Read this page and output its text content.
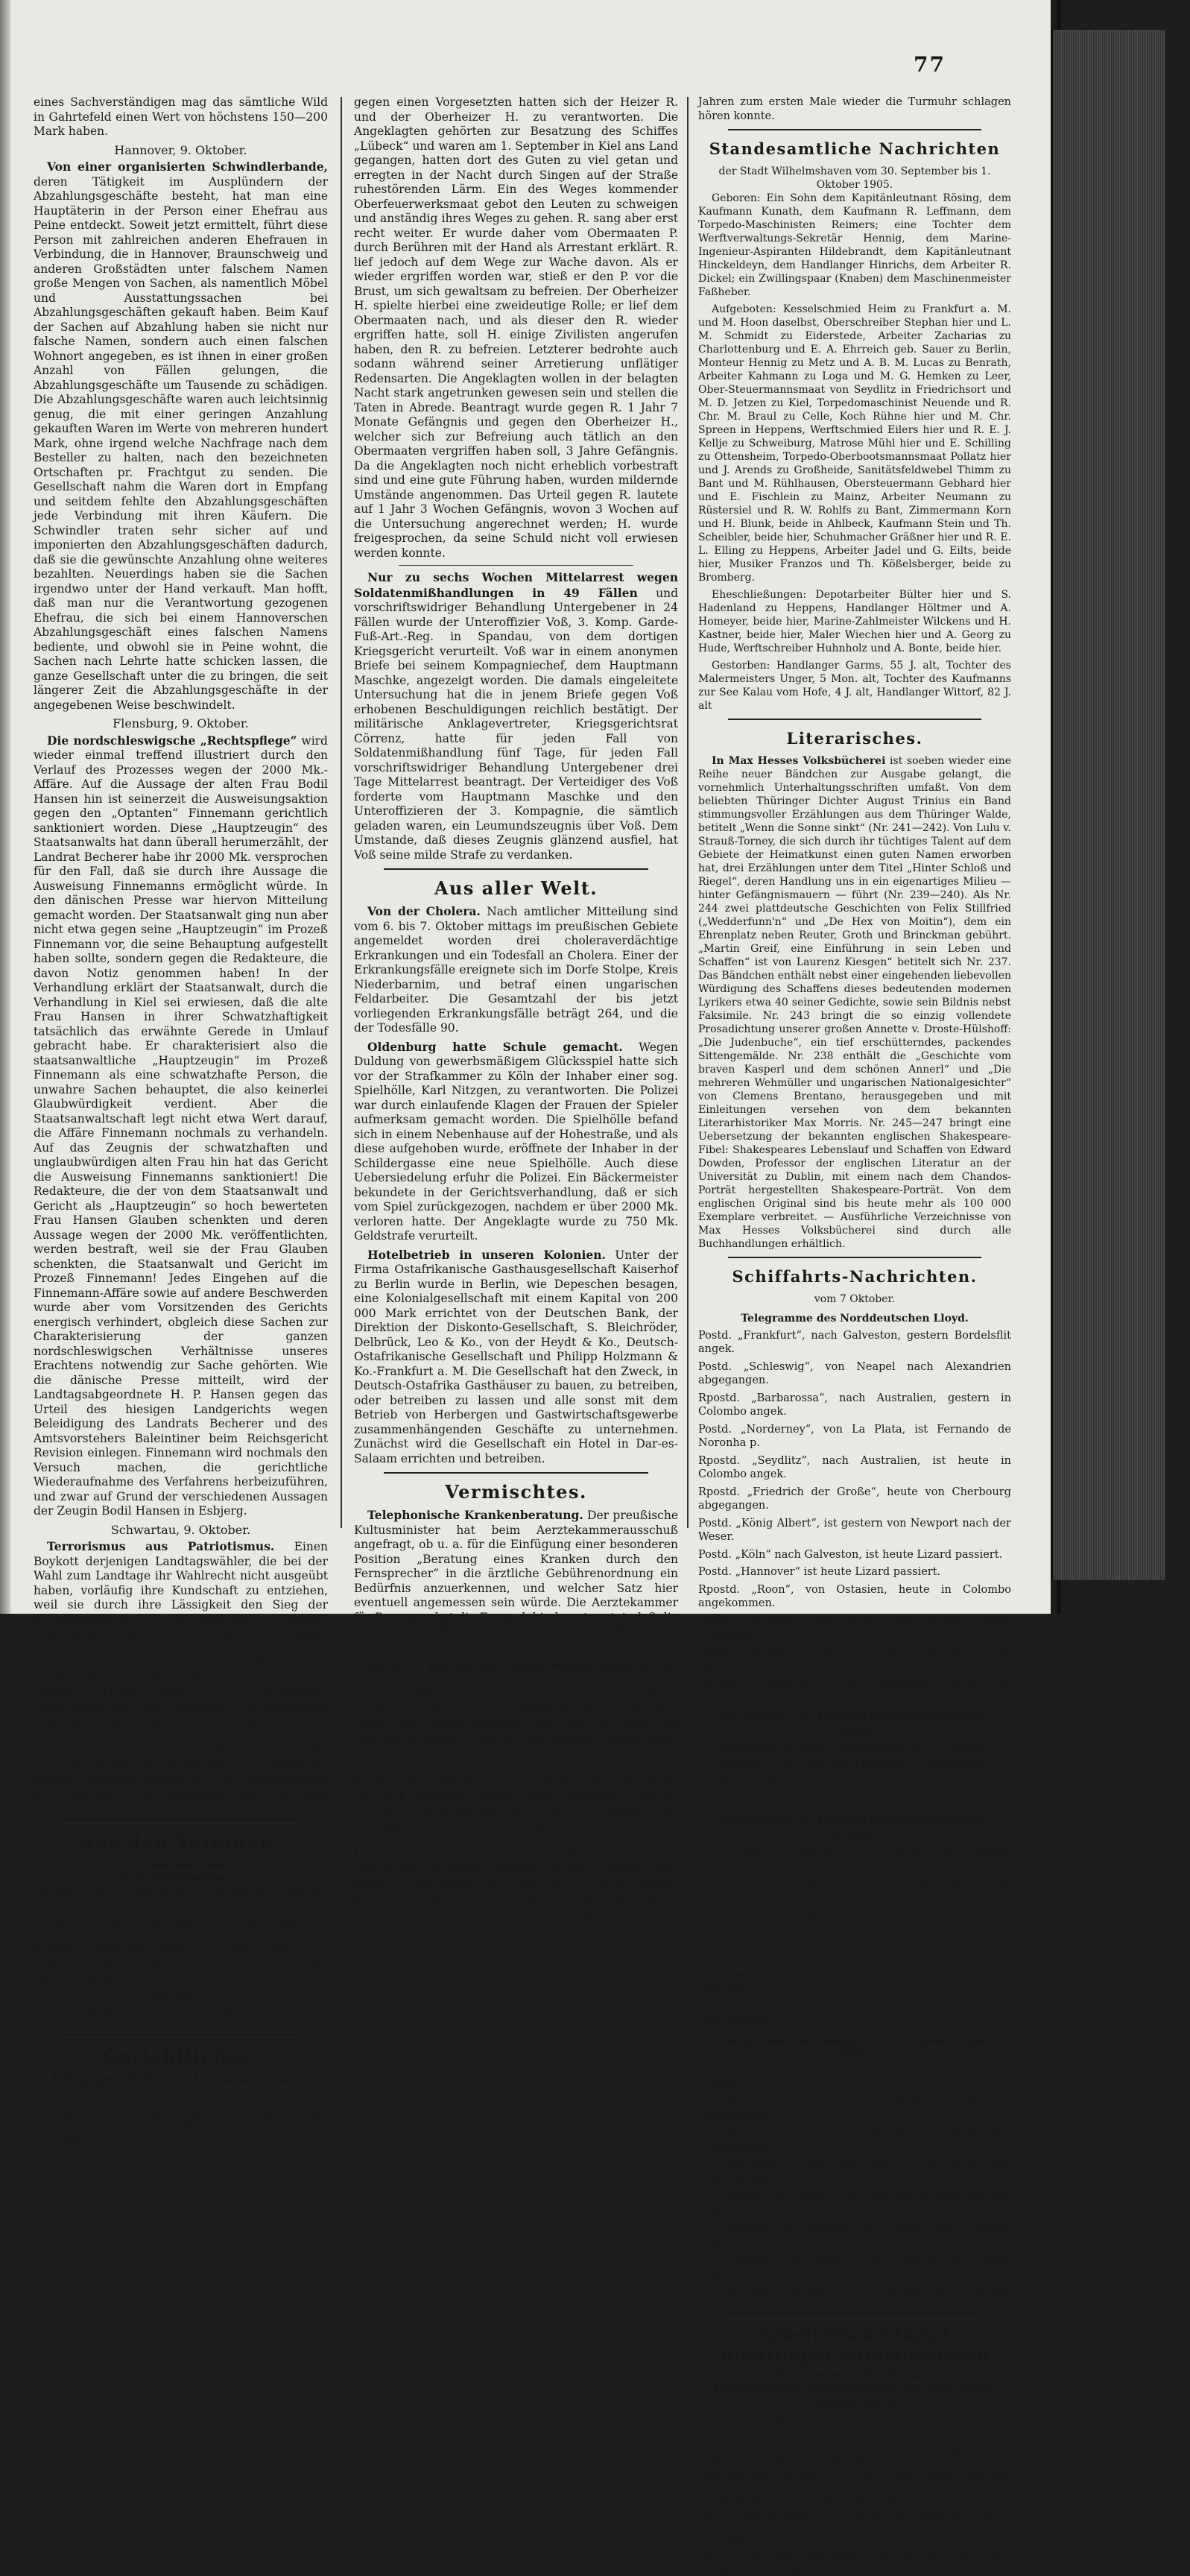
77

eines Sachverständigen mag das sämtliche Wild in Gahrtefeld einen Wert von höchstens 150—200 Mark haben.

Hannover, 9. Oktober.

Von einer organisierten Schwindlerbande, deren Tätigkeit im Ausplündern der Abzahlungsgeschäfte besteht, hat man eine Hauptäterin in der Person einer Ehefrau aus Peine entdeckt. Soweit jetzt ermittelt, führt diese Person mit zahlreichen anderen Ehefrauen in Verbindung, die in Hannover, Braunschweig und anderen Großstädten unter falschem Namen große Mengen von Sachen, als namentlich Möbel und Ausstattungssachen bei Abzahlungsgeschäften gekauft haben. Beim Kauf der Sachen auf Abzahlung haben sie nicht nur falsche Namen, sondern auch einen falschen Wohnort angegeben, es ist ihnen in einer großen Anzahl von Fällen gelungen, die Abzahlungsgeschäfte um Tausende zu schädigen. Die Abzahlungsgeschäfte waren auch leichtsinnig genug, die mit einer geringen Anzahlung gekauften Waren im Werte von mehreren hundert Mark, ohne irgend welche Nachfrage nach dem Besteller zu halten, nach den bezeichneten Ortschaften pr. Frachtgut zu senden. Die Gesellschaft nahm die Waren dort in Empfang und seitdem fehlte den Abzahlungsgeschäften jede Verbindung mit ihren Käufern. Die Schwindler traten sehr sicher auf und imponierten den Abzahlungsgeschäften dadurch, daß sie die gewünschte Anzahlung ohne weiteres bezahlten. Neuerdings haben sie die Sachen irgendwo unter der Hand verkauft. Man hofft, daß man nur die Verantwortung gezogenen Ehefrau, die sich bei einem Hannoverschen Abzahlungsgeschäft eines falschen Namens bediente, und obwohl sie in Peine wohnt, die Sachen nach Lehrte hatte schicken lassen, die ganze Gesellschaft unter die zu bringen, die seit längerer Zeit die Abzahlungsgeschäfte in der angegebenen Weise beschwindelt.

Flensburg, 9. Oktober.

Die nordschleswigsche „Rechtspflege“ wird wieder einmal treffend illustriert durch den Verlauf des Prozesses wegen der 2000 Mk.-Affäre. Auf die Aussage der alten Frau Bodil Hansen hin ist seinerzeit die Ausweisungsaktion gegen den „Optanten“ Finnemann gerichtlich sanktioniert worden. Diese „Hauptzeugin“ des Staatsanwalts hat dann überall herumerzählt, der Landrat Becherer habe ihr 2000 Mk. versprochen für den Fall, daß sie durch ihre Aussage die Ausweisung Finnemanns ermöglicht würde. In den dänischen Presse war hiervon Mitteilung gemacht worden. Der Staatsanwalt ging nun aber nicht etwa gegen seine „Hauptzeugin“ im Prozeß Finnemann vor, die seine Behauptung aufgestellt haben sollte, sondern gegen die Redakteure, die davon Notiz genommen haben! In der Verhandlung erklärt der Staatsanwalt, durch die Verhandlung in Kiel sei erwiesen, daß die alte Frau Hansen in ihrer Schwatzhaftigkeit tatsächlich das erwähnte Gerede in Umlauf gebracht habe. Er charakterisiert also die staatsanwaltliche „Hauptzeugin“ im Prozeß Finnemann als eine schwatzhafte Person, die unwahre Sachen behauptet, die also keinerlei Glaubwürdigkeit verdient. Aber die Staatsanwaltschaft legt nicht etwa Wert darauf, die Affäre Finnemann nochmals zu verhandeln. Auf das Zeugnis der schwatzhaften und unglaubwürdigen alten Frau hin hat das Gericht die Ausweisung Finnemanns sanktioniert! Die Redakteure, die der von dem Staatsanwalt und Gericht als „Hauptzeugin“ so hoch bewerteten Frau Hansen Glauben schenkten und deren Aussage wegen der 2000 Mk. veröffentlichten, werden bestraft, weil sie der Frau Glauben schenkten, die Staatsanwalt und Gericht im Prozeß Finnemann! Jedes Eingehen auf die Finnemann-Affäre sowie auf andere Beschwerden wurde aber vom Vorsitzenden des Gerichts energisch verhindert, obgleich diese Sachen zur Charakterisierung der ganzen nordschleswigschen Verhältnisse unseres Erachtens notwendig zur Sache gehörten. Wie die dänische Presse mitteilt, wird der Landtagsabgeordnete H. P. Hansen gegen das Urteil des hiesigen Landgerichts wegen Beleidigung des Landrats Becherer und des Amtsvorstehers Baleintiner beim Reichsgericht Revision einlegen. Finnemann wird nochmals den Versuch machen, die gerichtliche Wiederaufnahme des Verfahrens herbeizuführen, und zwar auf Grund der verschiedenen Aussagen der Zeugin Bodil Hansen in Esbjerg.

Schwartau, 9. Oktober.

Terrorismus aus Patriotismus. Einen Boykott derjenigen Landtagswähler, die bei der Wahl zum Landtage ihr Wahlrecht nicht ausgeübt haben, vorläufig ihre Kundschaft zu entziehen, weil sie durch ihre Lässigkeit den Sieg der Sozialdemokraten herbeigeführt hätten, beschlossen die Schwartauer „nationalen Ordnungsparteien“. Natürlich sollen dadurch hauptsächlich die kleinen Kaufleute und Handwerker betroffen werden. Es müssen „noble“ Leute sein, die „nationalen“ Ordnungsbrüder, die diejenigen Geschäftsleute bestrafen wollen, weil sie dem Kommando der Reaktionäre nicht gefolgt sind, wie geschehen die ehemaligen Ermessen zu bestimmen, und die nicht auf Befehl der Reaktionäre zur Wahlurne gingen. Vielleicht werden sich die Geschäftsleute jetzt darüber klar geworden sein, wo ihre Freunde zu finden sind.

Aus den Vereinen.
Vereinskalender.
Bant-Wilhelmshaven

Handels- und Transportarbeiterverband. Dienstag den 10. Okt., abends 8½ Uhr: Sitzung bei Schierig.

Verband der Maler. Dienstag den 10. Okt., abends 8½ Uhr: Versammlung in der Germaniahalle. — Betreffs Beitritt zur Zentralkrankenkasse der Maler statt.

Verband der Maurer. Dienstag den 10. Okt., abends 8½ Uhr: Versammlung im „Tivoli“.

Oldenburg.

Agitationskommission. Mittwoch den 11. Okt., abends 8½ Uhr: Sitzung bei Grenzer, Kurwickstr.

Gerichtliches.
Kriegsgericht der 2. Matrosen-Division.
Wilhelmshaven, 7. Oktober.

Wegen verharrenden Ungehorsams, Achtungsverletzung, Bedrohung und tätlichen Angriffs

gegen einen Vorgesetzten hatten sich der Heizer R. und der Oberheizer H. zu verantworten. Die Angeklagten gehörten zur Besatzung des Schiffes „Lübeck“ und waren am 1. September in Kiel ans Land gegangen, hatten dort des Guten zu viel getan und erregten in der Nacht durch Singen auf der Straße ruhestörenden Lärm. Ein des Weges kommender Oberfeuerwerksmaat gebot den Leuten zu schweigen und anständig ihres Weges zu gehen. R. sang aber erst recht weiter. Er wurde daher vom Obermaaten P. durch Berühren mit der Hand als Arrestant erklärt. R. lief jedoch auf dem Wege zur Wache davon. Als er wieder ergriffen worden war, stieß er den P. vor die Brust, um sich gewaltsam zu befreien. Der Oberheizer H. spielte hierbei eine zweideutige Rolle; er lief dem Obermaaten nach, und als dieser den R. wieder ergriffen hatte, soll H. einige Zivilisten angerufen haben, den R. zu befreien. Letzterer bedrohte auch sodann während seiner Arretierung unflätiger Redensarten. Die Angeklagten wollen in der belagten Nacht stark angetrunken gewesen sein und stellen die Taten in Abrede. Beantragt wurde gegen R. 1 Jahr 7 Monate Gefängnis und gegen den Oberheizer H., welcher sich zur Befreiung auch tätlich an den Obermaaten vergriffen haben soll, 3 Jahre Gefängnis. Da die Angeklagten noch nicht erheblich vorbestraft sind und eine gute Führung haben, wurden mildernde Umstände angenommen. Das Urteil gegen R. lautete auf 1 Jahr 3 Wochen Gefängnis, wovon 3 Wochen auf die Untersuchung angerechnet werden; H. wurde freigesprochen, da seine Schuld nicht voll erwiesen werden konnte.

Nur zu sechs Wochen Mittelarrest wegen Soldatenmißhandlungen in 49 Fällen und vorschriftswidriger Behandlung Untergebener in 24 Fällen wurde der Unteroffizier Voß, 3. Komp. Garde-Fuß-Art.-Reg. in Spandau, von dem dortigen Kriegsgericht verurteilt. Voß war in einem anonymen Briefe bei seinem Kompagniechef, dem Hauptmann Maschke, angezeigt worden. Die damals eingeleitete Untersuchung hat die in jenem Briefe gegen Voß erhobenen Beschuldigungen reichlich bestätigt. Der militärische Anklagevertreter, Kriegsgerichtsrat Cörrenz, hatte für jeden Fall von Soldatenmißhandlung fünf Tage, für jeden Fall vorschriftswidriger Behandlung Untergebener drei Tage Mittelarrest beantragt. Der Verteidiger des Voß forderte vom Hauptmann Maschke und den Unteroffizieren der 3. Kompagnie, die sämtlich geladen waren, ein Leumundszeugnis über Voß. Dem Umstande, daß dieses Zeugnis glänzend ausfiel, hat Voß seine milde Strafe zu verdanken.

Aus aller Welt.

Von der Cholera. Nach amtlicher Mitteilung sind vom 6. bis 7. Oktober mittags im preußischen Gebiete angemeldet worden drei choleraverdächtige Erkrankungen und ein Todesfall an Cholera. Einer der Erkrankungsfälle ereignete sich im Dorfe Stolpe, Kreis Niederbarnim, und betraf einen ungarischen Feldarbeiter. Die Gesamtzahl der bis jetzt vorliegenden Erkrankungsfälle beträgt 264, und die der Todesfälle 90.

Oldenburg hatte Schule gemacht. Wegen Duldung von gewerbsmäßigem Glücksspiel hatte sich vor der Strafkammer zu Köln der Inhaber einer sog. Spielhölle, Karl Nitzgen, zu verantworten. Die Polizei war durch einlaufende Klagen der Frauen der Spieler aufmerksam gemacht worden. Die Spielhölle befand sich in einem Nebenhause auf der Hohestraße, und als diese aufgehoben wurde, eröffnete der Inhaber in der Schildergasse eine neue Spielhölle. Auch diese Uebersiedelung erfuhr die Polizei. Ein Bäckermeister bekundete in der Gerichtsverhandlung, daß er sich vom Spiel zurückgezogen, nachdem er über 2000 Mk. verloren hatte. Der Angeklagte wurde zu 750 Mk. Geldstrafe verurteilt.

Hotelbetrieb in unseren Kolonien. Unter der Firma Ostafrikanische Gasthausgesellschaft Kaiserhof zu Berlin wurde in Berlin, wie Depeschen besagen, eine Kolonialgesellschaft mit einem Kapital von 200 000 Mark errichtet von der Deutschen Bank, der Direktion der Diskonto-Gesellschaft, S. Bleichröder, Delbrück, Leo & Ko., von der Heydt & Ko., Deutsch-Ostafrikanische Gesellschaft und Philipp Holzmann & Ko.-Frankfurt a. M. Die Gesellschaft hat den Zweck, in Deutsch-Ostafrika Gasthäuser zu bauen, zu betreiben, oder betreiben zu lassen und alle sonst mit dem Betrieb von Herbergen und Gastwirtschaftsgewerbe zusammenhängenden Geschäfte zu unternehmen. Zunächst wird die Gesellschaft ein Hotel in Dar-es-Salaam errichten und betreiben.

Vermischtes.

Telephonische Krankenberatung. Der preußische Kultusminister hat beim Aerztekammerausschuß angefragt, ob u. a. für die Einfügung einer besonderen Position „Beratung eines Kranken durch den Fernsprecher“ in die ärztliche Gebührenordnung ein Bedürfnis anzuerkennen, und welcher Satz hier eventuell angemessen sein würde. Die Aerztekammer für Pommern hat die Frage dahin beantwortet, daß die telephonische Beratung ebenso wie die im Hause des Arztes zu bewerten sei.

Nach 45 Jahren das Gehör wieder erhalten hat auf wunderbare Weise der in Tondern wohnende 55jährige Böttcher Hansen. Als Junge von zehn Jahren machte er sich mit einem Griffel im Ohr zu schaffen, wobei der Griffel abbrach und ihm ein etwa ein Zentimeter langes Stück im Gehörgange stecken blieb. Versuche, das Stück wieder zu entfernen, schlugen damals fehl, und so ließ man, obwohl das Gehör auf diesem Ohr schließlich ganz verloren ging, die Sache auf sich beruhen. Dieser Tage verspürte Hansen plötzlich Beschwerden im Ohr. Er nahm eine Ohrenspritze, und beim Ausspritzen des Ohres kam ein harter Gegenstand zum Vorschein, den er bei der Untersuchung als das vor etwa 45 Jahren in den Gehörgang geratene Griffelstück herausstellte. Von diesem Augenblick an war das Gehör wieder gekommen. Wer den glücklichen Mann versicherte, kam er sich wie neugeboren vor, so glücklich ist er wieder

Jahren zum ersten Male wieder die Turmuhr schlagen hören konnte.

Standesamtliche Nachrichten
der Stadt Wilhelmshaven vom 30. September bis 1. Oktober 1905.

Geboren: Ein Sohn dem Kapitänleutnant Rösing, dem Kaufmann Kunath, dem Kaufmann R. Leffmann, dem Torpedo-Maschinisten Reimers; eine Tochter dem Werftverwaltungs-Sekretär Hennig, dem Marine-Ingenieur-Aspiranten Hildebrandt, dem Kapitänleutnant Hinckeldeyn, dem Handlanger Hinrichs, dem Arbeiter R. Dickel; ein Zwillingspaar (Knaben) dem Maschinenmeister Faßheber.

Aufgeboten: Kesselschmied Heim zu Frankfurt a. M. und M. Hoon daselbst, Oberschreiber Stephan hier und L. M. Schmidt zu Eiderstede, Arbeiter Zacharias zu Charlottenburg und E. A. Ehrreich geb. Sauer zu Berlin, Monteur Hennig zu Metz und A. B. M. Lucas zu Benrath, Arbeiter Kahmann zu Loga und M. G. Hemken zu Leer, Ober-Steuermannsmaat von Seydlitz in Friedrichsort und M. D. Jetzen zu Kiel, Torpedomaschinist Neuende und R. Chr. M. Braul zu Celle, Koch Rühne hier und M. Chr. Spreen in Heppens, Werftschmied Eilers hier und R. E. J. Kellje zu Schweiburg, Matrose Mühl hier und E. Schilling zu Ottensheim, Torpedo-Oberbootsmannsmaat Pollatz hier und J. Arends zu Großheide, Sanitätsfeldwebel Thimm zu Bant und M. Rühlhausen, Obersteuermann Gebhard hier und E. Fischlein zu Mainz, Arbeiter Neumann zu Rüstersiel und R. W. Rohlfs zu Bant, Zimmermann Korn und H. Blunk, beide in Ahlbeck, Kaufmann Stein und Th. Scheibler, beide hier, Schuhmacher Gräßner hier und R. E. L. Elling zu Heppens, Arbeiter Jadel und G. Eilts, beide hier, Musiker Franzos und Th. Kößelsberger, beide zu Bromberg.

Eheschließungen: Depotarbeiter Bülter hier und S. Hadenland zu Heppens, Handlanger Höltmer und A. Homeyer, beide hier, Marine-Zahlmeister Wilckens und H. Kastner, beide hier, Maler Wiechen hier und A. Georg zu Hude, Werftschreiber Huhnholz und A. Bonte, beide hier.

Gestorben: Handlanger Garms, 55 J. alt, Tochter des Malermeisters Unger, 5 Mon. alt, Tochter des Kaufmanns zur See Kalau vom Hofe, 4 J. alt, Handlanger Wittorf, 82 J. alt

Literarisches.

In Max Hesses Volksbücherei ist soeben wieder eine Reihe neuer Bändchen zur Ausgabe gelangt, die vornehmlich Unterhaltungsschriften umfaßt. Von dem beliebten Thüringer Dichter August Trinius ein Band stimmungsvoller Erzählungen aus dem Thüringer Walde, betitelt „Wenn die Sonne sinkt“ (Nr. 241—242). Von Lulu v. Strauß-Torney, die sich durch ihr tüchtiges Talent auf dem Gebiete der Heimatkunst einen guten Namen erworben hat, drei Erzählungen unter dem Titel „Hinter Schloß und Riegel“, deren Handlung uns in ein eigenartiges Milieu — hinter Gefängnismauern — führt (Nr. 239—240). Als Nr. 244 zwei plattdeutsche Geschichten von Felix Stillfried („Wedderfunn'n“ und „De Hex von Moitin“), dem ein Ehrenplatz neben Reuter, Groth und Brinckman gebührt. „Martin Greif, eine Einführung in sein Leben und Schaffen“ ist von Laurenz Kiesgen“ betitelt sich Nr. 237. Das Bändchen enthält nebst einer eingehenden liebevollen Würdigung des Schaffens dieses bedeutenden modernen Lyrikers etwa 40 seiner Gedichte, sowie sein Bildnis nebst Faksimile. Nr. 243 bringt die so einzig vollendete Prosadichtung unserer großen Annette v. Droste-Hülshoff: „Die Judenbuche“, ein tief erschütterndes, packendes Sittengemälde. Nr. 238 enthält die „Geschichte vom braven Kasperl und dem schönen Annerl“ und „Die mehreren Wehmüller und ungarischen Nationalgesichter“ von Clemens Brentano, herausgegeben und mit Einleitungen versehen von dem bekannten Literarhistoriker Max Morris. Nr. 245—247 bringt eine Uebersetzung der bekannten englischen Shakespeare-Fibel: Shakespeares Lebenslauf und Schaffen von Edward Dowden, Professor der englischen Literatur an der Universität zu Dublin, mit einem nach dem Chandos-Porträt hergestellten Shakespeare-Porträt. Von dem englischen Original sind bis heute mehr als 100 000 Exemplare verbreitet. — Ausführliche Verzeichnisse von Max Hesses Volksbücherei sind durch alle Buchhandlungen erhältlich.

Schiffahrts-Nachrichten.
vom 7 Oktober.
Telegramme des Norddeutschen Lloyd.

Postd. „Frankfurt“, nach Galveston, gestern Bordelsflit angek.

Postd. „Schleswig“, von Neapel nach Alexandrien abgegangen.

Rpostd. „Barbarossa“, nach Australien, gestern in Colombo angek.

Postd. „Norderney“, von La Plata, ist Fernando de Noronha p.

Rpostd. „Seydlitz“, nach Australien, ist heute in Colombo angek.

Rpostd. „Friedrich der Große“, heute von Cherbourg abgegangen.

Postd. „König Albert“, ist gestern von Newport nach der Weser.

Postd. „Köln“ nach Galveston, ist heute Lizard passiert.

Postd. „Hannover“ ist heute Lizard passiert.

Rpostd. „Roon“, von Ostasien, heute in Colombo angekommen.

Postd. „Borkum“ ist heute von Buenos Aires abgegangen.

Postd. „Marburg“, nach Brasilien, ist heute von Antwerpen ab.

Rpostd. „Scharnhorst“, nach Australien, heute von Antwerpen ab.

Telegramme der Dampfschiffahrtsgesellschaft Hansa.

D. „Wolfsburg“ ist heute rückkehrend Dover passiert.

D. „Argenfels“ ist heute von Middlesbro abgegangen.

D. „Reichenfels“ ist heute ausgehend Quessant passiert.

D. „Schönfels“ ist heute in Colombo angekommen.

Telegramme der Dampfschiffahrtsgesellschaft Neptun.

D. „Planet“ ist gestern von Lissabon in Pomaron angekommen.

D. „Helios“ ist gestern von Coruna nach Vigo abgegangen.

D. „Hector“ ist gestern von Sevilla nach Huelva abgegangen.

D. „Egeria“, gestern von Antwerpen nach Hamburg abgeg.

D. „Nereus“ ist gestern von Köln nach Hamburg abgegangen.

D. „Fortuna“ ist gestern von Hamburg nach Köln abgegangen.

Telegramme der Dampfschiffahrtsgesellschaft „Argo“.

D. „Australia“, von Palermo nach Antwerpen, Quessant passiert.

D. „Albatros“ ist gestern von Hull nach Bremen abgegangen.

D. „Köln“ ist gestern von Petersburg in Rotterdam angekommen.

D. „Mannheim“, von Petersburg nach Rotterdam angekommen.

D. „Ryland“ ist gestern von Petersburg nach Bremen abgeg.

D. „Schwan“ ist gestern von Livorno nach Neapel abgegangen.

D. „Hogland“ ist gestern von Catania in Almeria angekommen.

D. „Hermann“ ist gestern von Antwerpen in Savona angek.

Arbeitersekretariat Rüstringen-Wilhelmshaven
Bant, Peterstraße 30, part.
Unentgeltliche Auskunftsstelle für jedermann.
Sprechstunden:

Nur Wochentags von 11—1 Uhr und 5½—7½ Uhr, außer Donnerstag nachmittag.

Das Arbeitersekretariat erteilt den in den organisierten Arbeitern gebotenen, unabhängige Einrichtung, die der Allgemeinheit dienen soll. Es erteilt allen Personen kostenlos Auskunft und Beistand in gewerblichen Streitigkeiten, sowie in Fällen der Kranken-, Unfall-, Alters- und Invalidenversicherung, des Arbeiterschutzes (Gewerbeinspektion), Vereins- (Versammlungs-), Staatsbürger- und Armenrechtes, in Steuerfragen usw. — Bei schriftlichen Anfragen von auswärts ist stets Rückporto beizulegen.)
